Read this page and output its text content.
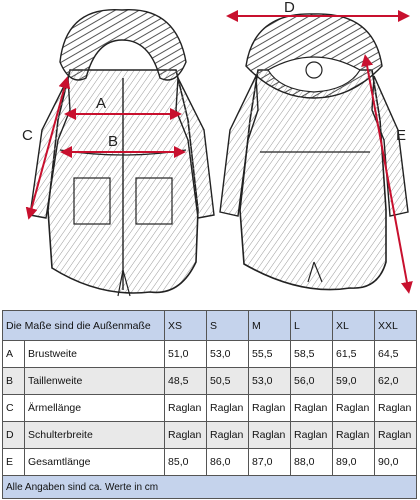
A
B
C
D
E
Die Maße sind die Außenmaße		XS	S	M	L	XL	XXL
A	Brustweite	51,0	53,0	55,5	58,5	61,5	64,5
B	Taillenweite	48,5	50,5	53,0	56,0	59,0	62,0
C	Ärmellänge	Raglan	Raglan	Raglan	Raglan	Raglan	Raglan
D	Schulterbreite	Raglan	Raglan	Raglan	Raglan	Raglan	Raglan
E	Gesamtlänge	85,0	86,0	87,0	88,0	89,0	90,0
Alle Angaben sind ca. Werte in cm							
